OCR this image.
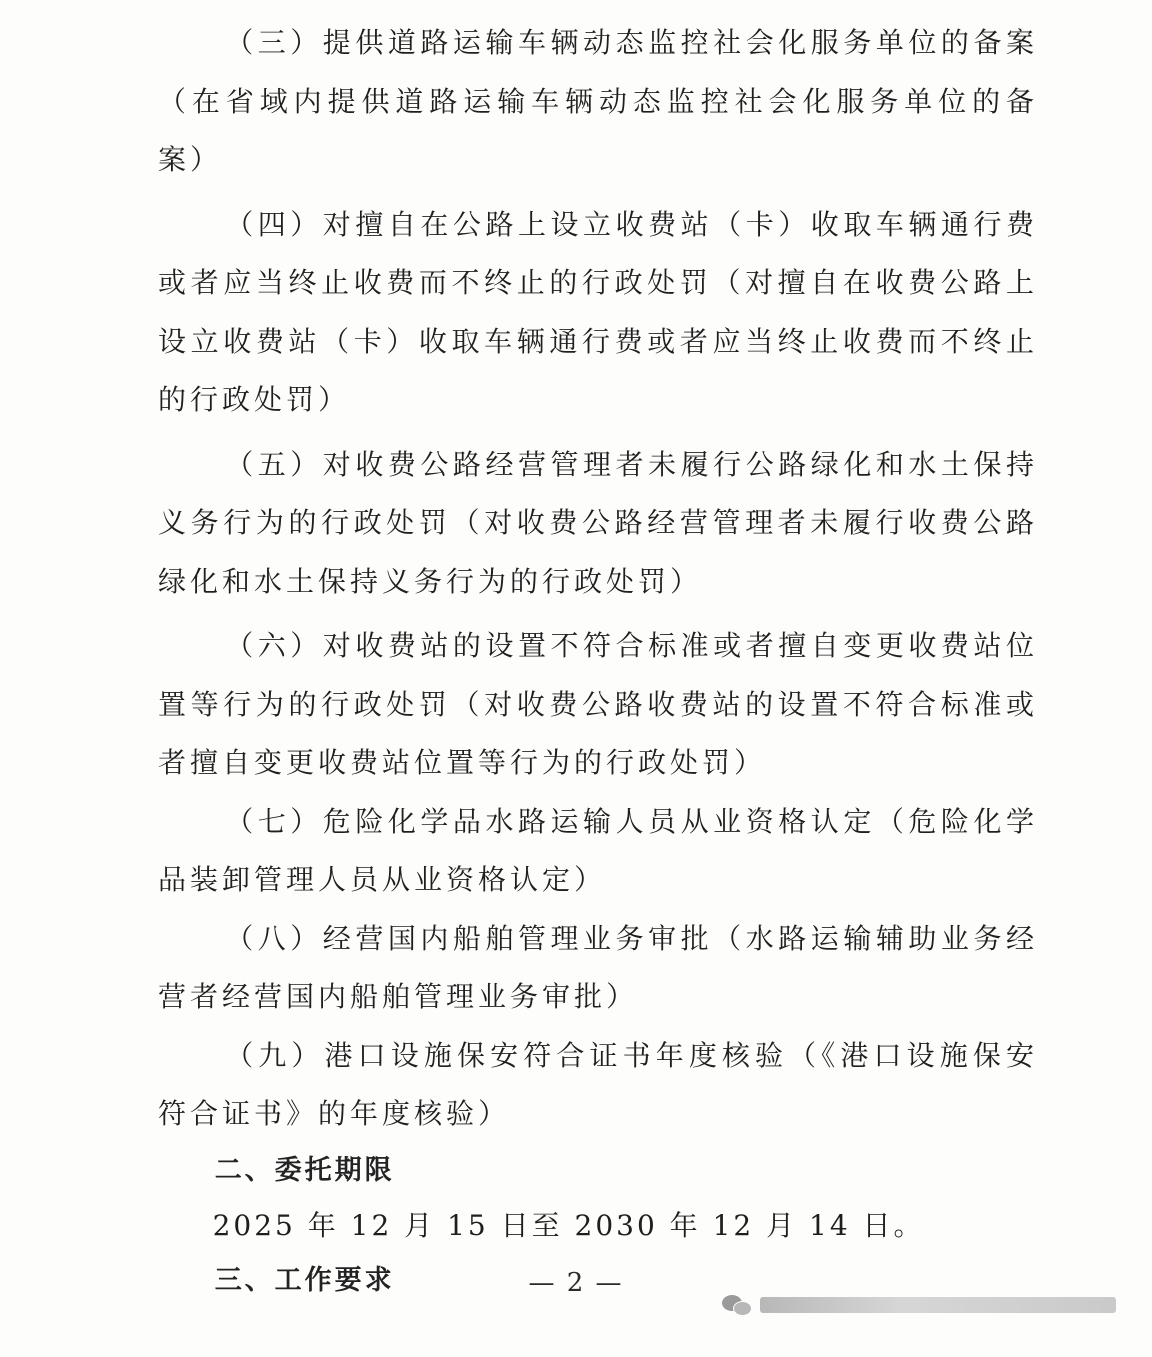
（三）提供道路运输车辆动态监控社会化服务单位的备案（在省域内提供道路运输车辆动态监控社会化服务单位的备案）

（四）对擅自在公路上设立收费站（卡）收取车辆通行费或者应当终止收费而不终止的行政处罚（对擅自在收费公路上设立收费站（卡）收取车辆通行费或者应当终止收费而不终止的行政处罚）

（五）对收费公路经营管理者未履行公路绿化和水土保持义务行为的行政处罚（对收费公路经营管理者未履行收费公路绿化和水土保持义务行为的行政处罚）

（六）对收费站的设置不符合标准或者擅自变更收费站位置等行为的行政处罚（对收费公路收费站的设置不符合标准或者擅自变更收费站位置等行为的行政处罚）

（七）危险化学品水路运输人员从业资格认定（危险化学品装卸管理人员从业资格认定）

（八）经营国内船舶管理业务审批（水路运输辅助业务经营者经营国内船舶管理业务审批）

（九）港口设施保安符合证书年度核验（《港口设施保安符合证书》的年度核验）

二、委托期限

2025 年 12 月 15 日至 2030 年 12 月 14 日。

三、工作要求	— 2 —
